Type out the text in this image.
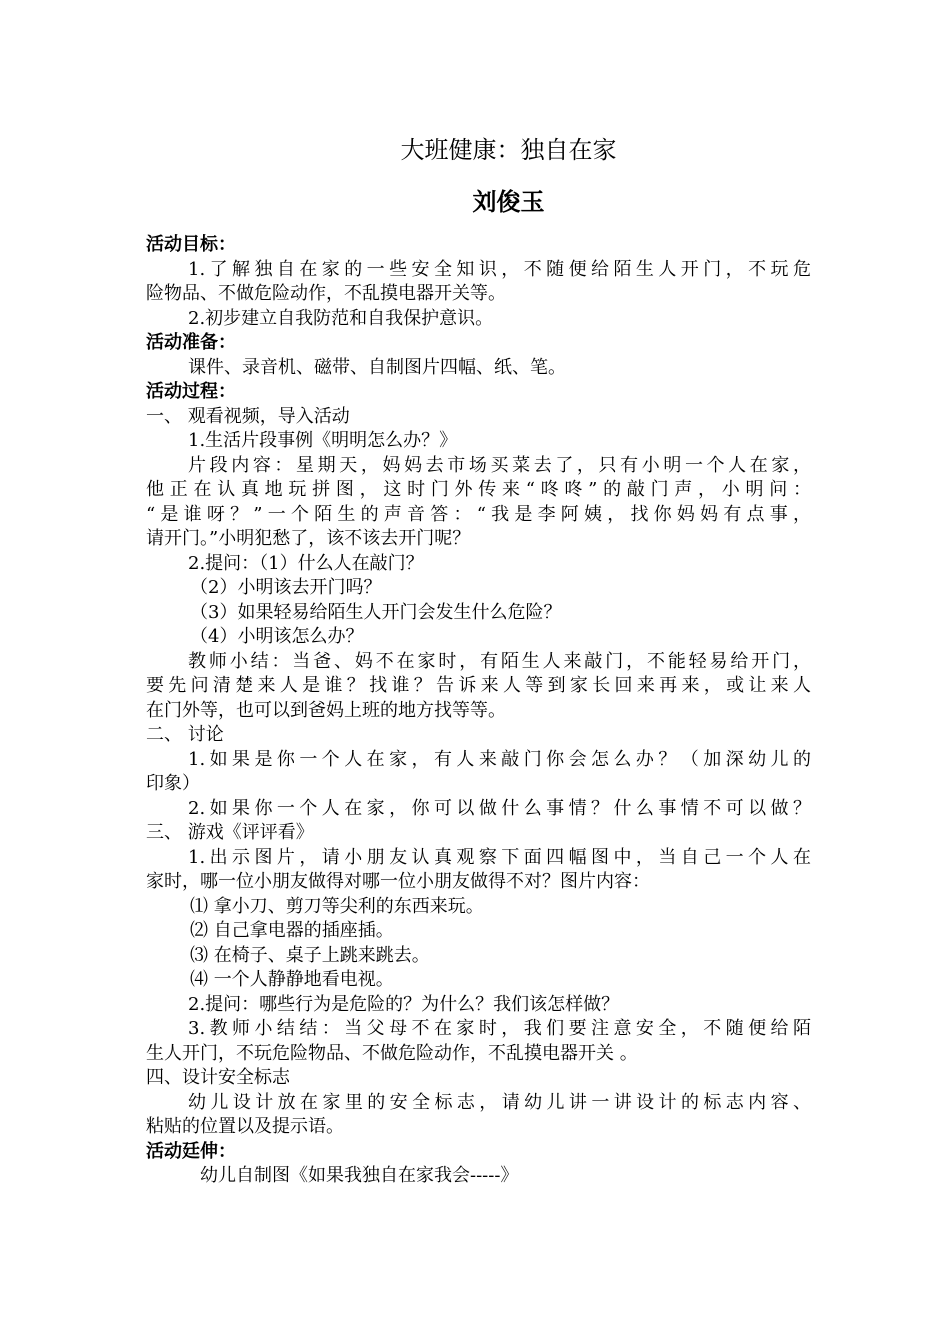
大班健康：独自在家
刘俊玉

活动目标：

1.了解独自在家的一些安全知识，不随便给陌生人开门，不玩危

险物品、不做危险动作，不乱摸电器开关等。

2.初步建立自我防范和自我保护意识。

活动准备：

课件、录音机、磁带、自制图片四幅、纸、笔。

活动过程：

一、 观看视频，导入活动

1.生活片段事例《明明怎么办？》

片段内容：星期天，妈妈去市场买菜去了，只有小明一个人在家，

他正在认真地玩拼图，这时门外传来“咚咚”的敲门声，小明问：

“是谁呀？”一个陌生的声音答：“我是李阿姨，找你妈妈有点事，

请开门。”小明犯愁了，该不该去开门呢？

2.提问：（1）什么人在敲门？

（2）小明该去开门吗？

（3）如果轻易给陌生人开门会发生什么危险？

（4）小明该怎么办？

教师小结：当爸、妈不在家时，有陌生人来敲门，不能轻易给开门，

要先问清楚来人是谁？找谁？告诉来人等到家长回来再来，或让来人

在门外等，也可以到爸妈上班的地方找等等。

二、 讨论

1.如果是你一个人在家，有人来敲门你会怎么办？（加深幼儿的

印象）

2.如果你一个人在家，你可以做什么事情？什么事情不可以做？

三、 游戏《评评看》

1.出示图片，请小朋友认真观察下面四幅图中，当自己一个人在

家时，哪一位小朋友做得对哪一位小朋友做得不对？图片内容：

⑴ 拿小刀、剪刀等尖利的东西来玩。

⑵ 自己拿电器的插座插。

⑶ 在椅子、桌子上跳来跳去。

⑷ 一个人静静地看电视。

2.提问：哪些行为是危险的？为什么？我们该怎样做？

3.教师小结结：当父母不在家时，我们要注意安全，不随便给陌

生人开门，不玩危险物品、不做危险动作，不乱摸电器开关 。

四、设计安全标志

幼儿设计放在家里的安全标志，请幼儿讲一讲设计的标志内容、

粘贴的位置以及提示语。

活动廷伸：

幼儿自制图《如果我独自在家我会-----》
